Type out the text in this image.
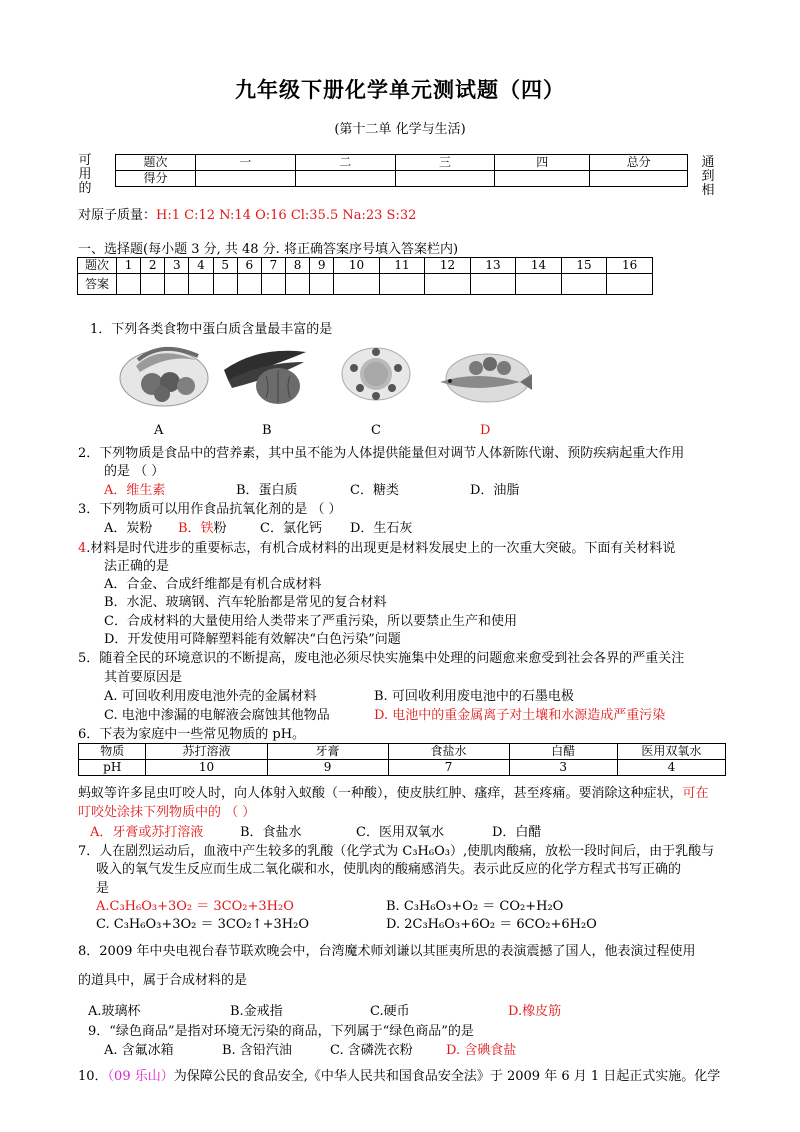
九年级下册化学单元测试题（四）
(第十二单 化学与生活)
可
用
的
通
到
相
题次	一	二	三	四	总分
得分					
对原子质量：H:1 C:12 N:14 O:16 Cl:35.5 Na:23 S:32
一、选择题(每小题 3 分, 共 48 分. 将正确答案序号填入答案栏内)
题次	1	2	3	4	5	6	7	8	9	10	11	12	13	14	15	16
答案																
1．下列各类食物中蛋白质含量最丰富的是
A	B	C	D
2．下列物质是食品中的营养素，其中虽不能为人体提供能量但对调节人体新陈代谢、预防疾病起重大作用
的是 （ ）
A．维生素	B．蛋白质	C．糖类	D．油脂
3．下列物质可以用作食品抗氧化剂的是 （ ）
A．炭粉 B．铁粉	C．氯化钙 D．生石灰
4.材料是时代进步的重要标志，有机合成材料的出现更是材料发展史上的一次重大突破。下面有关材料说
法正确的是
A．合金、合成纤维都是有机合成材料
B．水泥、玻璃钢、汽车轮胎都是常见的复合材料
C．合成材料的大量使用给人类带来了严重污染，所以要禁止生产和使用
D．开发使用可降解塑料能有效解决“白色污染”问题
5．随着全民的环境意识的不断提高，废电池必须尽快实施集中处理的问题愈来愈受到社会各界的严重关注
其首要原因是
A. 可回收利用废电池外壳的金属材料	B. 可回收利用废电池中的石墨电极
C. 电池中渗漏的电解液会腐蚀其他物品	D. 电池中的重金属离子对土壤和水源造成严重污染
6．下表为家庭中一些常见物质的 pH。
物质	苏打溶液	牙膏	食盐水	白醋	医用双氧水
pH	10	9	7	3	4
蚂蚁等许多昆虫叮咬人时，向人体射入蚁酸（一种酸），使皮肤红肿、瘙痒，甚至疼痛。要消除这种症状，可在
叮咬处涂抹下列物质中的 （ ）
A．牙膏或苏打溶液	B．食盐水	C．医用双氧水	D．白醋
7．人在剧烈运动后，血液中产生较多的乳酸（化学式为 C₃H₆O₃）,使肌肉酸痛，放松一段时间后，由于乳酸与
吸入的氧气发生反应而生成二氧化碳和水，使肌肉的酸痛感消失。表示此反应的化学方程式书写正确的
是
A.C₃H₆O₃+3O₂ ＝ 3CO₂+3H₂O	B. C₃H₆O₃+O₂ ＝ CO₂+H₂O
C. C₃H₆O₃+3O₂ ＝ 3CO₂↑+3H₂O	D. 2C₃H₆O₃+6O₂ ＝ 6CO₂+6H₂O
8．2009 年中央电视台春节联欢晚会中，台湾魔术师刘谦以其匪夷所思的表演震撼了国人，他表演过程使用
的道具中，属于合成材料的是
A.玻璃杯	B.金戒指	C.硬币	D.橡皮筋
9．“绿色商品”是指对环境无污染的商品，下列属于“绿色商品”的是
A. 含氟冰箱	B. 含铅汽油	C. 含磷洗衣粉	D. 含碘食盐
10．（09 乐山）为保障公民的食品安全,《中华人民共和国食品安全法》于 2009 年 6 月 1 日起正式实施。化学
